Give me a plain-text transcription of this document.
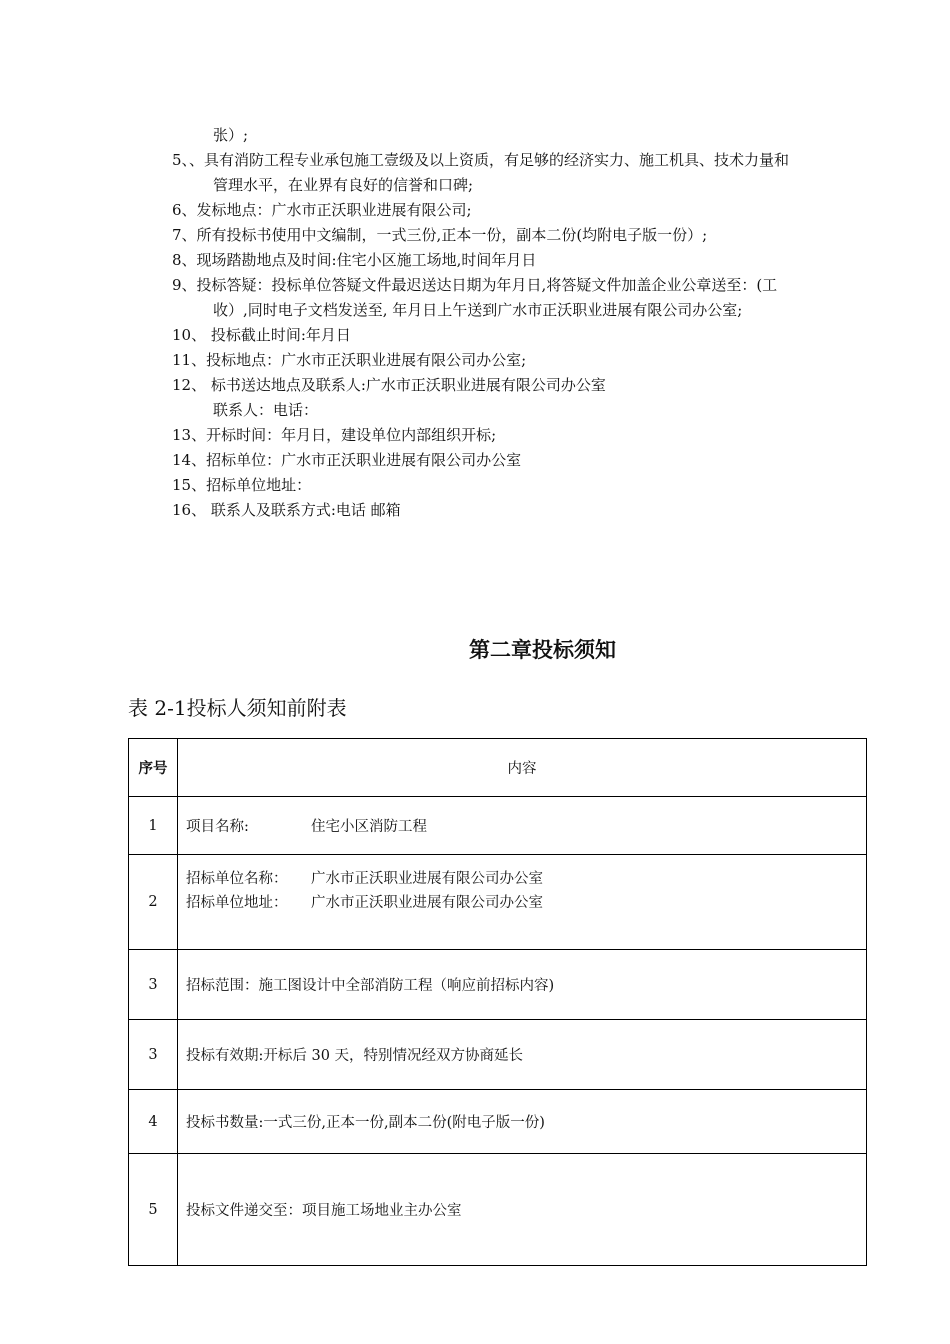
张）;
5、、具有消防工程专业承包施工壹级及以上资质，有足够的经济实力、施工机具、技术力量和
管理水平，在业界有良好的信誉和口碑;
6、发标地点：广水市正沃职业进展有限公司;
7、所有投标书使用中文编制，一式三份,正本一份，副本二份(均附电子版一份）;
8、现场踏勘地点及时间:住宅小区施工场地,时间年月日
9、投标答疑：投标单位答疑文件最迟送达日期为年月日,将答疑文件加盖企业公章送至：(工
收）,同时电子文档发送至, 年月日上午送到广水市正沃职业进展有限公司办公室;
10、 投标截止时间:年月日
11、投标地点：广水市正沃职业进展有限公司办公室;
12、 标书送达地点及联系人:广水市正沃职业进展有限公司办公室
联系人：电话：
13、开标时间：年月日，建设单位内部组织开标;
14、招标单位：广水市正沃职业进展有限公司办公室
15、招标单位地址：
16、 联系人及联系方式:电话 邮箱
第二章投标须知
表 2-1投标人须知前附表
序号	内容
1	项目名称: 住宅小区消防工程
2	招标单位名称： 广水市正沃职业进展有限公司办公室
招标单位地址： 广水市正沃职业进展有限公司办公室

3	招标范围：施工图设计中全部消防工程（响应前招标内容)
3	投标有效期:开标后 30 天，特别情况经双方协商延长
4	投标书数量:一式三份,正本一份,副本二份(附电子版一份)
5	投标文件递交至：项目施工场地业主办公室
